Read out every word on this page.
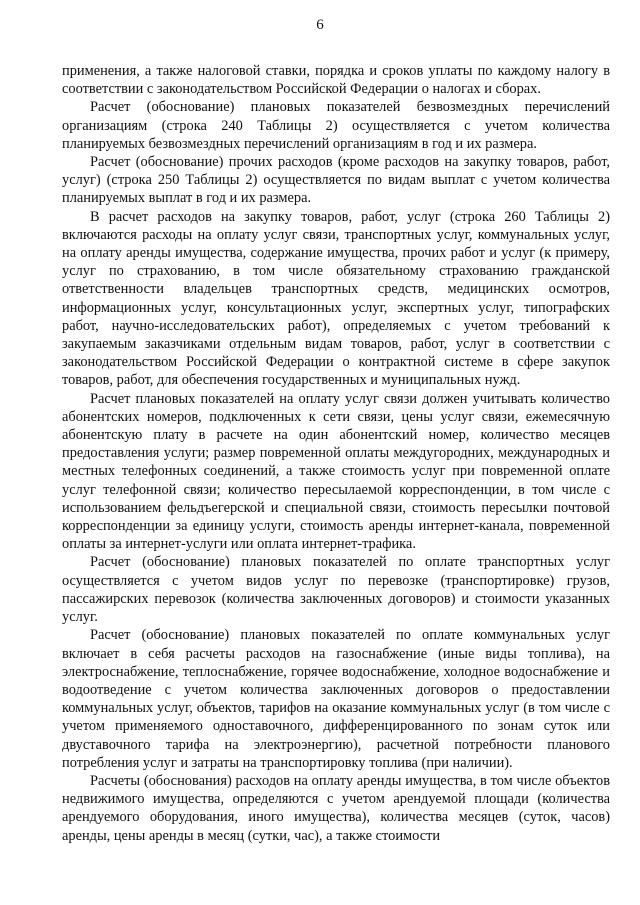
6

применения, а также налоговой ставки, порядка и сроков уплаты по каждому налогу в соответствии с законодательством Российской Федерации о налогах и сборах.

Расчет (обоснование) плановых показателей безвозмездных перечислений организациям (строка 240 Таблицы 2) осуществляется с учетом количества планируемых безвозмездных перечислений организациям в год и их размера.

Расчет (обоснование) прочих расходов (кроме расходов на закупку товаров, работ, услуг) (строка 250 Таблицы 2) осуществляется по видам выплат с учетом количества планируемых выплат в год и их размера.

В расчет расходов на закупку товаров, работ, услуг (строка 260 Таблицы 2) включаются расходы на оплату услуг связи, транспортных услуг, коммунальных услуг, на оплату аренды имущества, содержание имущества, прочих работ и услуг (к примеру, услуг по страхованию, в том числе обязательному страхованию гражданской ответственности владельцев транспортных средств, медицинских осмотров, информационных услуг, консультационных услуг, экспертных услуг, типографских работ, научно-исследовательских работ), определяемых с учетом требований к закупаемым заказчиками отдельным видам товаров, работ, услуг в соответствии с законодательством Российской Федерации о контрактной системе в сфере закупок товаров, работ, для обеспечения государственных и муниципальных нужд.

Расчет плановых показателей на оплату услуг связи должен учитывать количество абонентских номеров, подключенных к сети связи, цены услуг связи, ежемесячную абонентскую плату в расчете на один абонентский номер, количество месяцев предоставления услуги; размер повременной оплаты междугородних, международных и местных телефонных соединений, а также стоимость услуг при повременной оплате услуг телефонной связи; количество пересылаемой корреспонденции, в том числе с использованием фельдъегерской и специальной связи, стоимость пересылки почтовой корреспонденции за единицу услуги, стоимость аренды интернет-канала, повременной оплаты за интернет-услуги или оплата интернет-трафика.

Расчет (обоснование) плановых показателей по оплате транспортных услуг осуществляется с учетом видов услуг по перевозке (транспортировке) грузов, пассажирских перевозок (количества заключенных договоров) и стоимости указанных услуг.

Расчет (обоснование) плановых показателей по оплате коммунальных услуг включает в себя расчеты расходов на газоснабжение (иные виды топлива), на электроснабжение, теплоснабжение, горячее водоснабжение, холодное водоснабжение и водоотведение с учетом количества заключенных договоров о предоставлении коммунальных услуг, объектов, тарифов на оказание коммунальных услуг (в том числе с учетом применяемого одноставочного, дифференцированного по зонам суток или двуставочного тарифа на электроэнергию), расчетной потребности планового потребления услуг и затраты на транспортировку топлива (при наличии).

Расчеты (обоснования) расходов на оплату аренды имущества, в том числе объектов недвижимого имущества, определяются с учетом арендуемой площади (количества арендуемого оборудования, иного имущества), количества месяцев (суток, часов) аренды, цены аренды в месяц (сутки, час), а также стоимости
